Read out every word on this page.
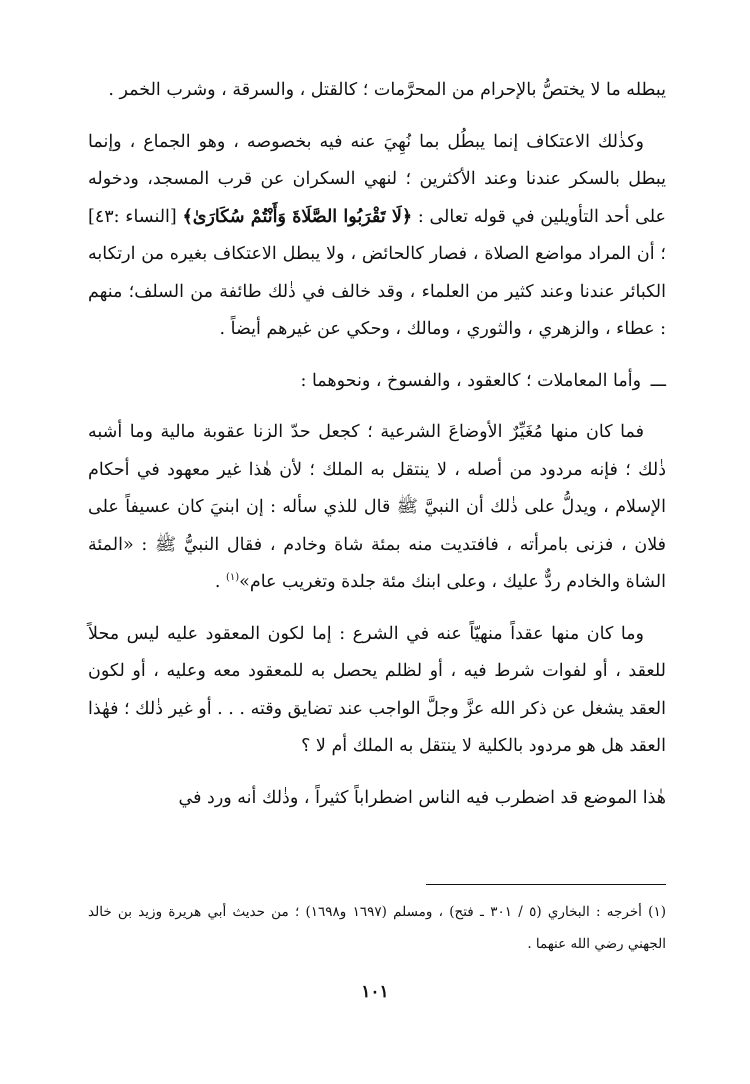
يبطله ما لا يختصُّ بالإحرام من المحرَّمات ؛ كالقتل ، والسرقة ، وشرب الخمر .

وكذٰلك الاعتكاف إنما يبطُل بما نُهِيَ عنه فيه بخصوصه ، وهو الجماع ، وإنما يبطل بالسكر عندنا وعند الأكثرين ؛ لنهي السكران عن قرب المسجد، ودخوله على أحد التأويلين في قوله تعالى : ﴿لَا تَقْرَبُوا الصَّلَاةَ وَأَنْتُمْ سُكَارَىٰ﴾ [النساء :٤٣] ؛ أن المراد مواضع الصلاة ، فصار كالحائض ، ولا يبطل الاعتكاف بغيره من ارتكابه الكبائر عندنا وعند كثير من العلماء ، وقد خالف في ذٰلك طائفة من السلف؛ منهم : عطاء ، والزهري ، والثوري ، ومالك ، وحكي عن غيرهم أيضاً .

ـــ وأما المعاملات ؛ كالعقود ، والفسوخ ، ونحوهما :

فما كان منها مُغَيِّرٌ الأوضاعَ الشرعية ؛ كجعل حدّ الزنا عقوبة مالية وما أشبه ذٰلك ؛ فإنه مردود من أصله ، لا ينتقل به الملك ؛ لأن هٰذا غير معهود في أحكام الإسلام ، ويدلُّ على ذٰلك أن النبيَّ ﷺ قال للذي سأله : إن ابنيَ كان عسيفاً على فلان ، فزنى بامرأته ، فافتديت منه بمئة شاة وخادم ، فقال النبيُّ ﷺ : «المئة الشاة والخادم ردٌّ عليك ، وعلى ابنك مئة جلدة وتغريب عام»$^{(١)}$ .

وما كان منها عقداً منهيّاً عنه في الشرع : إما لكون المعقود عليه ليس محلاً للعقد ، أو لفوات شرط فيه ، أو لظلم يحصل به للمعقود معه وعليه ، أو لكون العقد يشغل عن ذكر الله عزَّ وجلَّ الواجب عند تضايق وقته . . . أو غير ذٰلك ؛ فهٰذا العقد هل هو مردود بالكلية لا ينتقل به الملك أم لا ؟

هٰذا الموضع قد اضطرب فيه الناس اضطراباً كثيراً ، وذٰلك أنه ورد في

(١) أخرجه : البخاري (٥ / ٣٠١ ـ فتح) ، ومسلم (١٦٩٧ و١٦٩٨) ؛ من حديث أبي هريرة وزيد بن خالد الجهني رضي الله عنهما .

١٠١
